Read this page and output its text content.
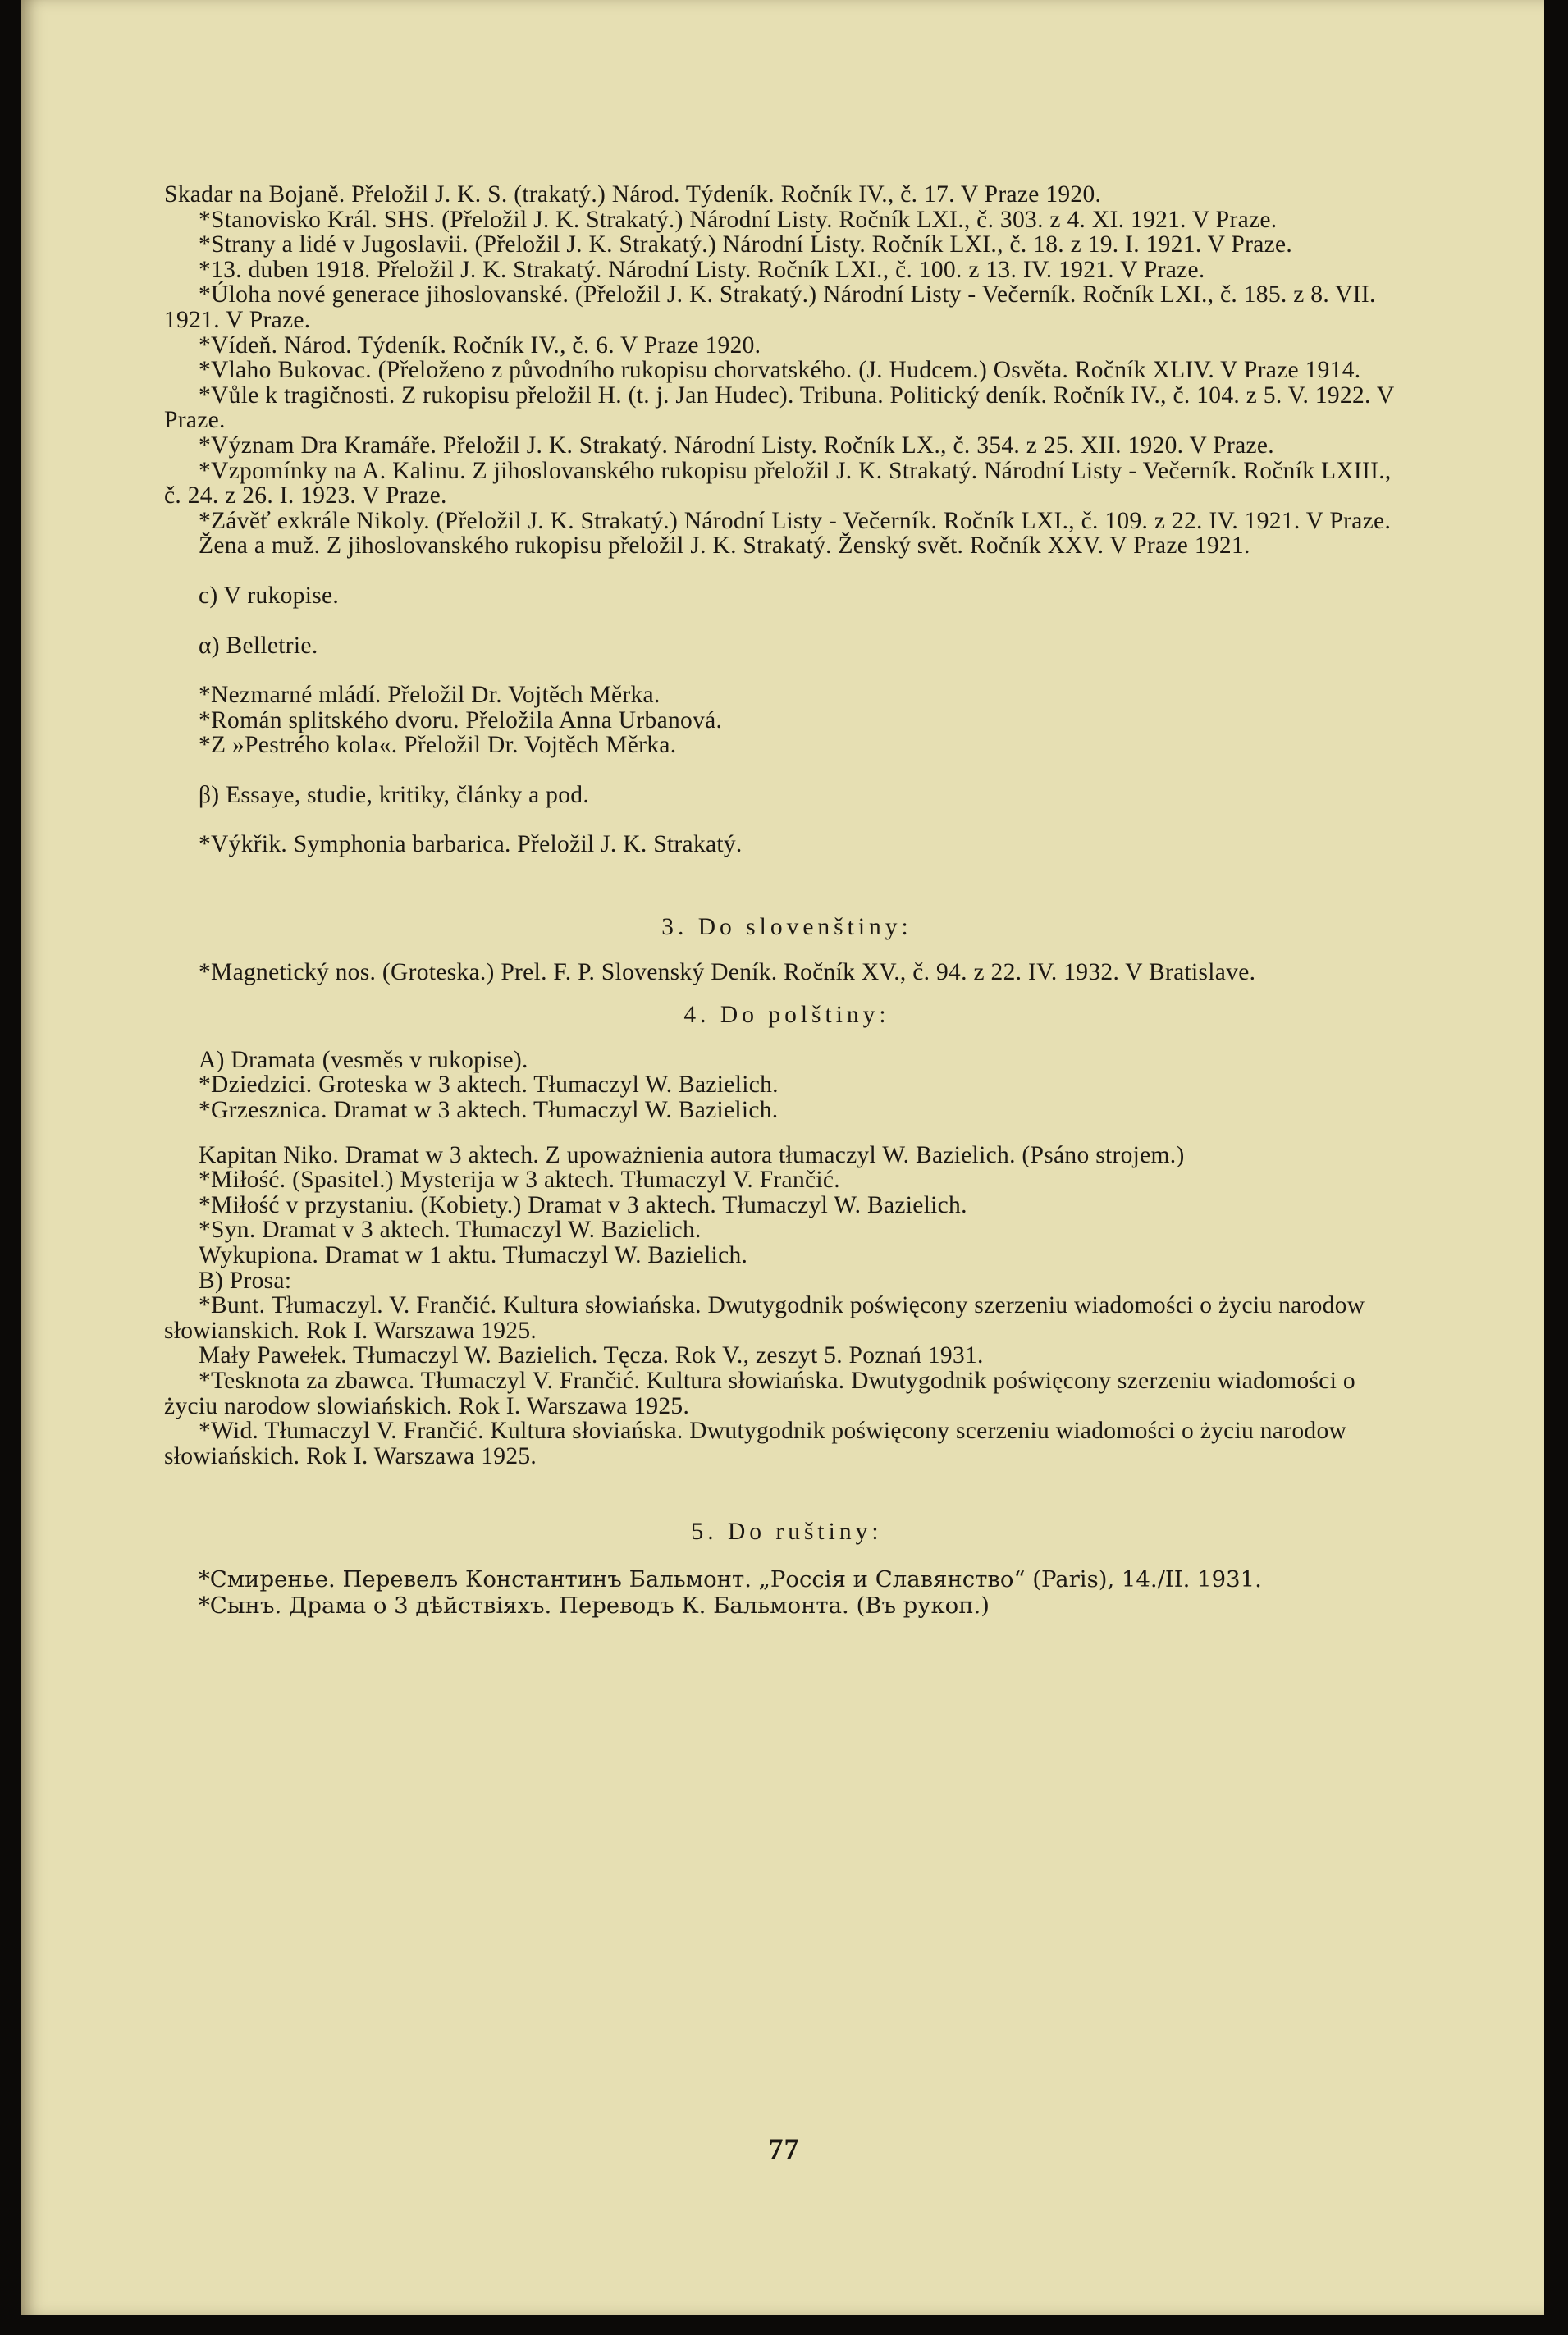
Skadar na Bojaně. Přeložil J. K. S. (trakatý.) Národ. Týdeník. Ročník IV., č. 17. V Praze 1920.

*Stanovisko Král. SHS. (Přeložil J. K. Strakatý.) Národní Listy. Ročník LXI., č. 303. z 4. XI. 1921. V Praze.

*Strany a lidé v Jugoslavii. (Přeložil J. K. Strakatý.) Národní Listy. Ročník LXI., č. 18. z 19. I. 1921. V Praze.

*13. duben 1918. Přeložil J. K. Strakatý. Národní Listy. Ročník LXI., č. 100. z 13. IV. 1921. V Praze.

*Úloha nové generace jihoslovanské. (Přeložil J. K. Strakatý.) Národní Listy - Večerník. Ročník LXI., č. 185. z 8. VII. 1921. V Praze.

*Vídeň. Národ. Týdeník. Ročník IV., č. 6. V Praze 1920.

*Vlaho Bukovac. (Přeloženo z původního rukopisu chorvatského. (J. Hudcem.) Osvěta. Ročník XLIV. V Praze 1914.

*Vůle k tragičnosti. Z rukopisu přeložil H. (t. j. Jan Hudec). Tribuna. Politický deník. Ročník IV., č. 104. z 5. V. 1922. V Praze.

*Význam Dra Kramáře. Přeložil J. K. Strakatý. Národní Listy. Ročník LX., č. 354. z 25. XII. 1920. V Praze.

*Vzpomínky na A. Kalinu. Z jihoslovanského rukopisu přeložil J. K. Strakatý. Národní Listy - Večerník. Ročník LXIII., č. 24. z 26. I. 1923. V Praze.

*Závěť exkrále Nikoly. (Přeložil J. K. Strakatý.) Národní Listy - Večerník. Ročník LXI., č. 109. z 22. IV. 1921. V Praze.

Žena a muž. Z jihoslovanského rukopisu přeložil J. K. Strakatý. Ženský svět. Ročník XXV. V Praze 1921.

c) V rukopise.

α) Belletrie.

*Nezmarné mládí. Přeložil Dr. Vojtěch Měrka.

*Román splitského dvoru. Přeložila Anna Urbanová.

*Z »Pestrého kola«. Přeložil Dr. Vojtěch Měrka.

β) Essaye, studie, kritiky, články a pod.

*Výkřik. Symphonia barbarica. Přeložil J. K. Strakatý.

3. Do slovenštiny:

*Magnetický nos. (Groteska.) Prel. F. P. Slovenský Deník. Ročník XV., č. 94. z 22. IV. 1932. V Bratislave.

4. Do polštiny:

A) Dramata (vesměs v rukopise).

*Dziedzici. Groteska w 3 aktech. Tłumaczyl W. Bazielich.

*Grzesznica. Dramat w 3 aktech. Tłumaczyl W. Bazielich.

Kapitan Niko. Dramat w 3 aktech. Z upoważnienia autora tłumaczyl W. Bazielich. (Psáno strojem.)

*Miłość. (Spasitel.) Mysterija w 3 aktech. Tłumaczyl V. Frančić.

*Miłość v przystaniu. (Kobiety.) Dramat v 3 aktech. Tłumaczyl W. Bazielich.

*Syn. Dramat v 3 aktech. Tłumaczyl W. Bazielich.

Wykupiona. Dramat w 1 aktu. Tłumaczyl W. Bazielich.

B) Prosa:

*Bunt. Tłumaczyl. V. Frančić. Kultura słowiańska. Dwutygodnik poświęcony szerzeniu wiadomości o życiu narodow słowianskich. Rok I. Warszawa 1925.

Mały Pawełek. Tłumaczyl W. Bazielich. Tęcza. Rok V., zeszyt 5. Poznań 1931.

*Tesknota za zbawca. Tłumaczyl V. Frančić. Kultura słowiańska. Dwutygodnik poświęcony szerzeniu wiadomości o życiu narodow slowiańskich. Rok I. Warszawa 1925.

*Wid. Tłumaczyl V. Frančić. Kultura słoviańska. Dwutygodnik poświęcony scerzeniu wiadomości o życiu narodow słowiańskich. Rok I. Warszawa 1925.

5. Do ruštiny:

*Смиренье. Перевелъ Константинъ Бальмонт. „Россія и Славянство“ (Paris), 14./II. 1931.

*Сынъ. Драма о 3 дѣйствіяхъ. Переводъ К. Бальмонта. (Въ рукоп.)

77
